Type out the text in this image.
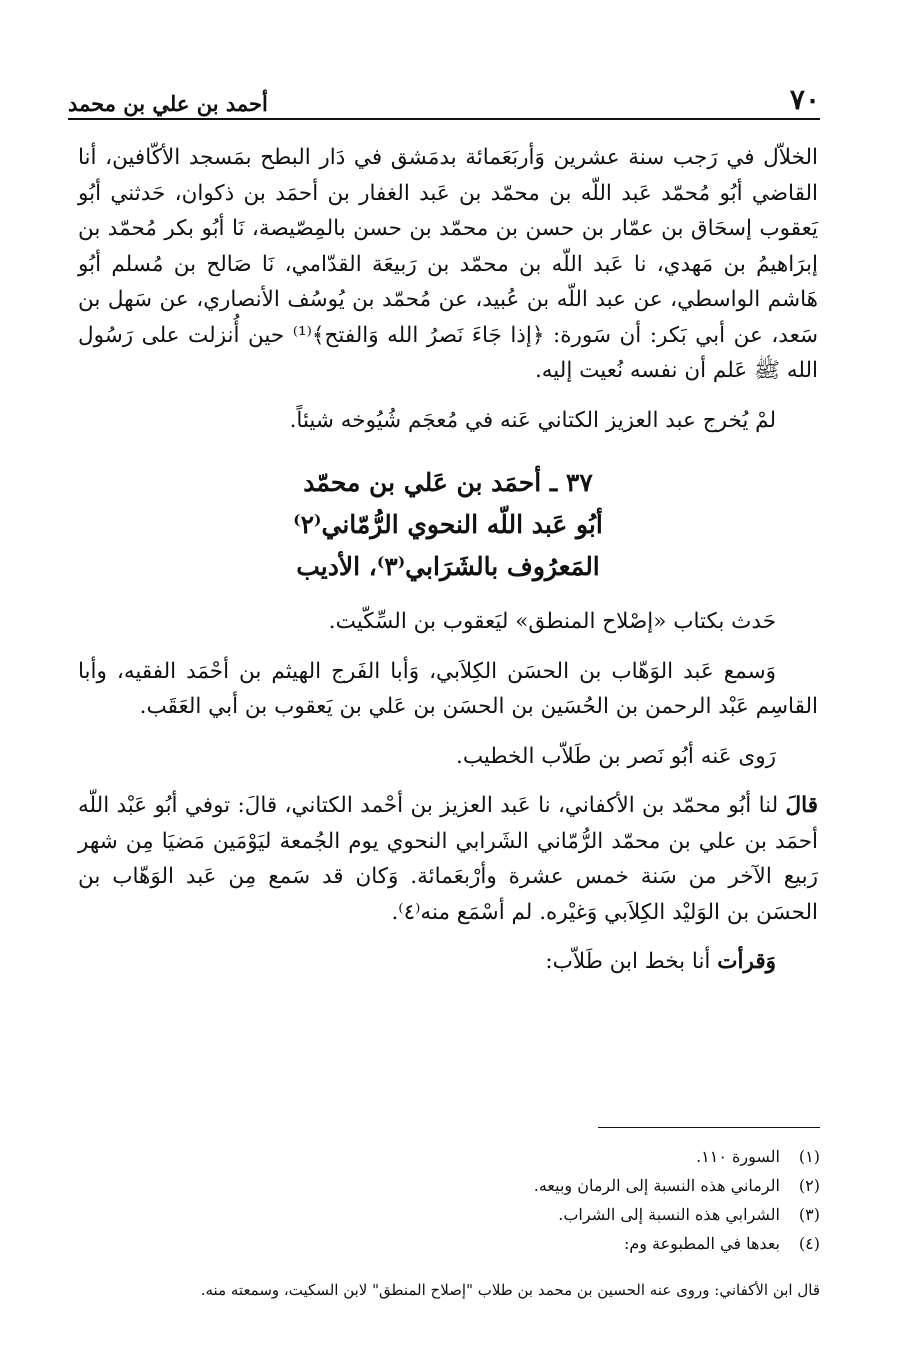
٧٠
أحمد بن علي بن محمد

الخلاّل في رَجب سنة عشرين وَأربَعَمائة بدمَشق في دَار البطح بمَسجد الأكّافين، أنا القاضي أبُو مُحمّد عَبد اللّه بن محمّد بن عَبد الغفار بن أحمَد بن ذكوان، حَدثني أبُو يَعقوب إسحَاق بن عمّار بن حسن بن محمّد بن حسن بالمِصّيصة، نَا أبُو بكر مُحمّد بن إبرَاهيمُ بن مَهدي، نا عَبد اللّه بن محمّد بن رَبيعَة القدّامي، نَا صَالح بن مُسلم أبُو هَاشم الواسطي، عن عبد اللّه بن عُبيد، عن مُحمّد بن يُوسُف الأنصاري، عن سَهل بن سَعد، عن أبي بَكر: أن سَورة: ﴿إذا جَاءَ نَصرُ الله وَالفتح﴾⁽¹⁾ حين أُنزلت على رَسُول الله ﷺ عَلم أن نفسه نُعيت إليه.

لمْ يُخرج عبد العزيز الكتاني عَنه في مُعجَم شُيُوخه شيئاً.

٣٧ ـ أحمَد بن عَلي بن محمّد
أبُو عَبد اللّه النحوي الرُّمّاني⁽٢⁾
المَعرُوف بالشَرَابي⁽٣⁾، الأديب

حَدث بكتاب «إصْلاح المنطق» ليَعقوب بن السِّكّيت.

وَسمع عَبد الوَهّاب بن الحسَن الكِلاَبي، وَأبا الفَرج الهيثم بن أحْمَد الفقيه، وأبا القاسِم عَبْد الرحمن بن الحُسَين بن الحسَن بن عَلي بن يَعقوب بن أبي العَقَب.

رَوى عَنه أبُو نَصر بن طَلاّب الخطيب.

قالَ لنا أبُو محمّد بن الأكفاني، نا عَبد العزيز بن أحْمد الكتاني، قالَ: توفي أبُو عَبْد اللّه أحمَد بن علي بن محمّد الرُّمّاني الشَرابي النحوي يوم الجُمعة ليَوْمَين مَضيَا مِن شهر رَبيع الآخر من سَنة خمس عشرة وأرْبعَمائة. وَكان قد سَمع مِن عَبد الوَهّاب بن الحسَن بن الوَليْد الكِلاَبي وَغيْره. لم أسْمَع منه⁽٤⁾.

وَقرأت أنا بخط ابن طَلاّب:

(١)
السورة ١١٠.
(٢)
الرماني هذه النسبة إلى الرمان وبيعه.
(٣)
الشرابي هذه النسبة إلى الشراب.
(٤)
بعدها في المطبوعة وم:
قال ابن الأكفاني: وروى عنه الحسين بن محمد بن طلاب "إصلاح المنطق" لابن السكيت، وسمعته منه.
